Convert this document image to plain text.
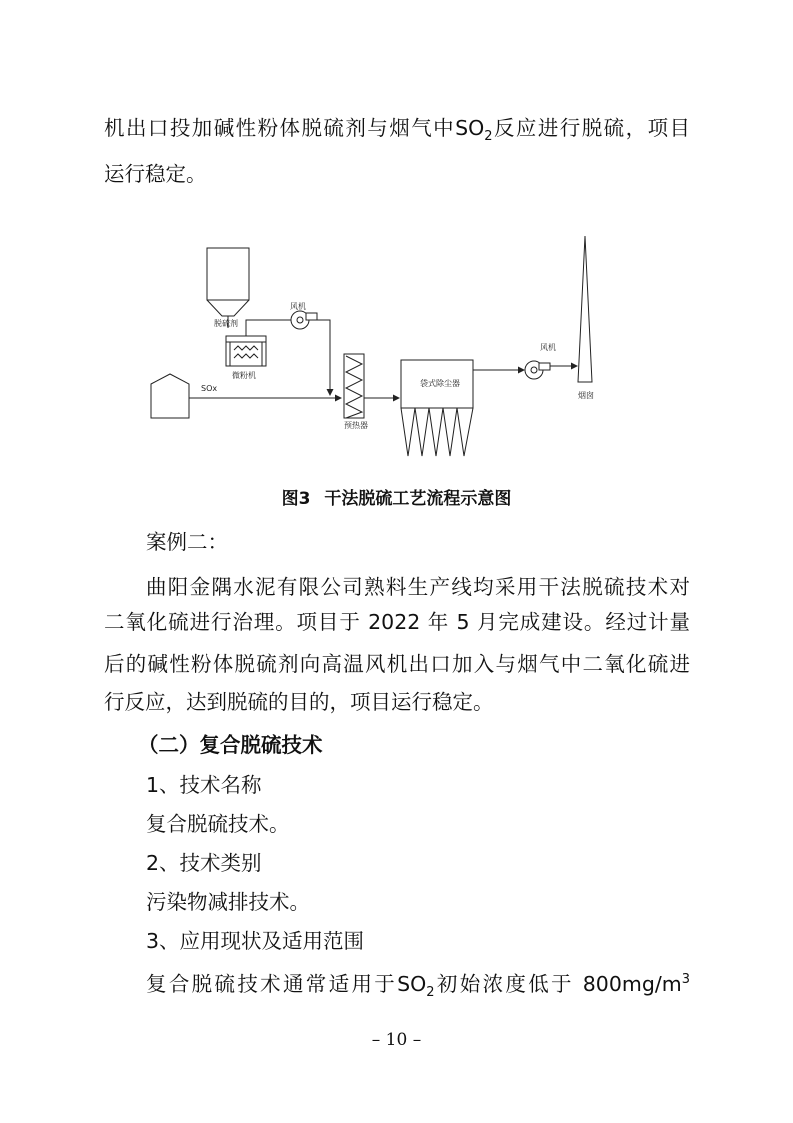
机出口投加碱性粉体脱硫剂与烟气中$SO_2$反应进行脱硫，项目
运行稳定。
脱硫剂
微粉机
风机
SOx
预热器
袋式除尘器
风机
烟囱
图3 干法脱硫工艺流程示意图
案例二：
曲阳金隅水泥有限公司熟料生产线均采用干法脱硫技术对
二氧化硫进行治理。项目于 2022 年 5 月完成建设。经过计量
后的碱性粉体脱硫剂向高温风机出口加入与烟气中二氧化硫进
行反应，达到脱硫的目的，项目运行稳定。
（二）复合脱硫技术
1、技术名称
复合脱硫技术。
2、技术类别
污染物减排技术。
3、应用现状及适用范围
复合脱硫技术通常适用于$SO_2$初始浓度低于 $800mg/m^3$
– 10 –
